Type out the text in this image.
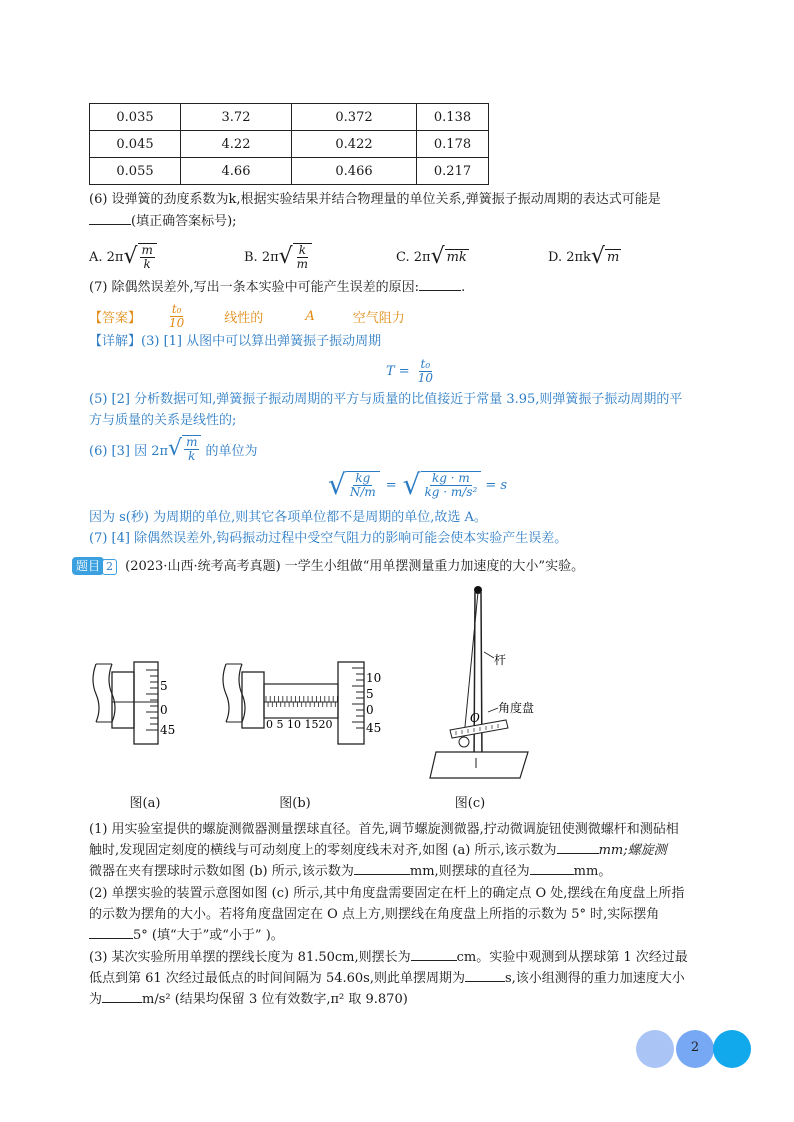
0.035	3.72	0.372	0.138
0.045	4.22	0.422	0.178
0.055	4.66	0.466	0.217
(6) 设弹簧的劲度系数为k,根据实验结果并结合物理量的单位关系,弹簧振子振动周期的表达式可能是
(填正确答案标号);
A. 2π √ $\frac{m}{k}$	B. 2π √ $\frac{k}{m}$	C. 2π √ mk	D. 2πk √ m
(7) 除偶然误差外,写出一条本实验中可能产生误差的原因:	.
【答案】 $\frac{\text{t₀}}{10}$	线性的	A	空气阻力
【详解】(3) [1] 从图中可以算出弹簧振子振动周期
$T = \frac{\text{t₀}}{10}$
(5) [2] 分析数据可知,弹簧振子振动周期的平方与质量的比值接近于常量 3.95,则弹簧振子振动周期的平
方与质量的关系是线性的;
(6) [3] 因 2π √ $\frac{m}{k}$ 的单位为
√ $\frac{kg}{N/m}$ = √ $\frac{kg \cdot m}{\text{kg · m/s²}} = s$
因为 s(秒) 为周期的单位,则其它各项单位都不是周期的单位,故选 A。
(7) [4] 除偶然误差外,钩码振动过程中受空气阻力的影响可能会使本实验产生误差。
题目 2 (2023·山西·统考高考真题) 一学生小组做“用单摆测量重力加速度的大小”实验。
5
0
45
图(a)
0 5 10 1520
10
5
0
45
图(b)
杆
O
角度盘
图(c)
(1) 用实验室提供的螺旋测微器测量摆球直径。首先,调节螺旋测微器,拧动微调旋钮使测微螺杆和测砧相
触时,发现固定刻度的横线与可动刻度上的零刻度线未对齐,如图 (a) 所示,该示数为	mm;螺旋测
微器在夹有摆球时示数如图 (b) 所示,该示数为	mm,则摆球的直径为	mm。
(2) 单摆实验的装置示意图如图 (c) 所示,其中角度盘需要固定在杆上的确定点 O 处,摆线在角度盘上所指
的示数为摆角的大小。若将角度盘固定在 O 点上方,则摆线在角度盘上所指的示数为 5° 时,实际摆角
5° (填“大于”或“小于” )。
(3) 某次实验所用单摆的摆线长度为 81.50cm,则摆长为	cm。实验中观测到从摆球第 1 次经过最
低点到第 61 次经过最低点的时间间隔为 54.60s,则此单摆周期为	s,该小组测得的重力加速度大小
为	m/s² (结果均保留 3 位有效数字,π² 取 9.870)
2
